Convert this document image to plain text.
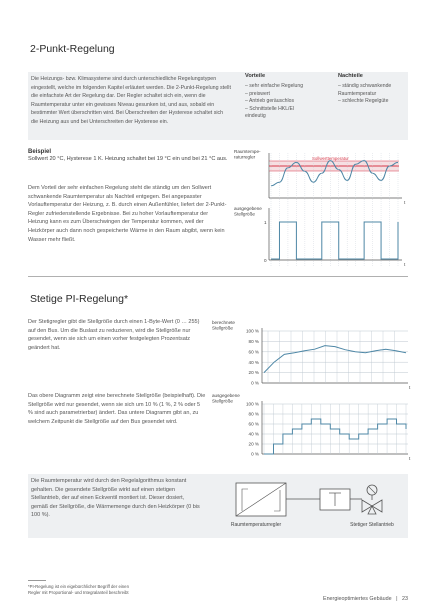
2-Punkt-Regelung
Die Heizungs- bzw. Klimasysteme sind durch unterschiedliche Regelungstypen eingestellt, welche im folgenden Kapitel erläutert werden. Die 2-Punkt-Regelung stellt die einfachste Art der Regelung dar. Der Regler schaltet sich ein, wenn die Raumtemperatur unter ein gewisses Niveau gesunken ist, und aus, sobald ein bestimmter Wert überschritten wird. Bei Überschreiten der Hysterese schaltet sich die Heizung aus und bei Unterschreiten der Hysterese ein.
Vorteile
– sehr einfache Regelung
– preiswert
– Antrieb geräuschlos
– Schnittstelle HKL/El
eindeutig
Nachteile
– ständig schwankende
Raumtemperatur
– schlechte Regelgüte
Beispiel
Sollwert 20 °C, Hysterese 1 K. Heizung schaltet bei 19 °C ein und bei 21 °C aus.
Dem Vorteil der sehr einfachen Regelung steht die ständig um den Sollwert schwankende Raumtemperatur als Nachteil entgegen. Bei angepasster Vorlauftemperatur der Heizung, z. B. durch einen Außenfühler, liefert der 2-Punkt-Regler zufriedenstellende Ergebnisse. Bei zu hoher Vorlauftemperatur der Heizung kann es zum Überschwingen der Temperatur kommen, weil der Heizkörper auch dann noch gespeicherte Wärme in den Raum abgibt, wenn kein Wasser mehr fließt.
Raumtempe-
raturregler
t
Sollwerttemperatur
ausgegebene
Stellgröße
1
0
t
Stetige PI-Regelung*
Der Stetigregler gibt die Stellgröße durch einen 1-Byte-Wert (0 … 255) auf den Bus. Um die Buslast zu reduzieren, wird die Stellgröße nur gesendet, wenn sie sich um einen vorher festgelegten Prozentsatz geändert hat.
Das obere Diagramm zeigt eine berechnete Stellgröße (beispielhaft). Die Stellgröße wird nur gesendet, wenn sie sich um 10 % (1 %, 2 % oder 5 % sind auch parametrierbar) ändert. Das untere Diagramm gibt an, zu welchem Zeitpunkt die Stellgröße auf den Bus gesendet wird.
berechnete
Stellgröße
100 %
80 %
60 %
40 %
20 %
0 %
t
ausgegebene
Stellgröße
100 %
80 %
60 %
40 %
20 %
0 %
t
Die Raumtemperatur wird durch den Regelalgorithmus konstant gehalten. Die gesendete Stellgröße wirkt auf einen stetigen Stellantrieb, der auf einen Eckventil montiert ist. Dieser dosiert, gemäß der Stellgröße, die Wärmemenge durch den Heizkörper (0 bis 100 %).
Raumtemperaturregler	Stetiger Stellantrieb
*PI-Regelung ist ein eigebürchlicher Begriff der einen
Regler mit Proportional- und Integralanteil beschreibt
Energieoptimiertes Gebäude | 23
